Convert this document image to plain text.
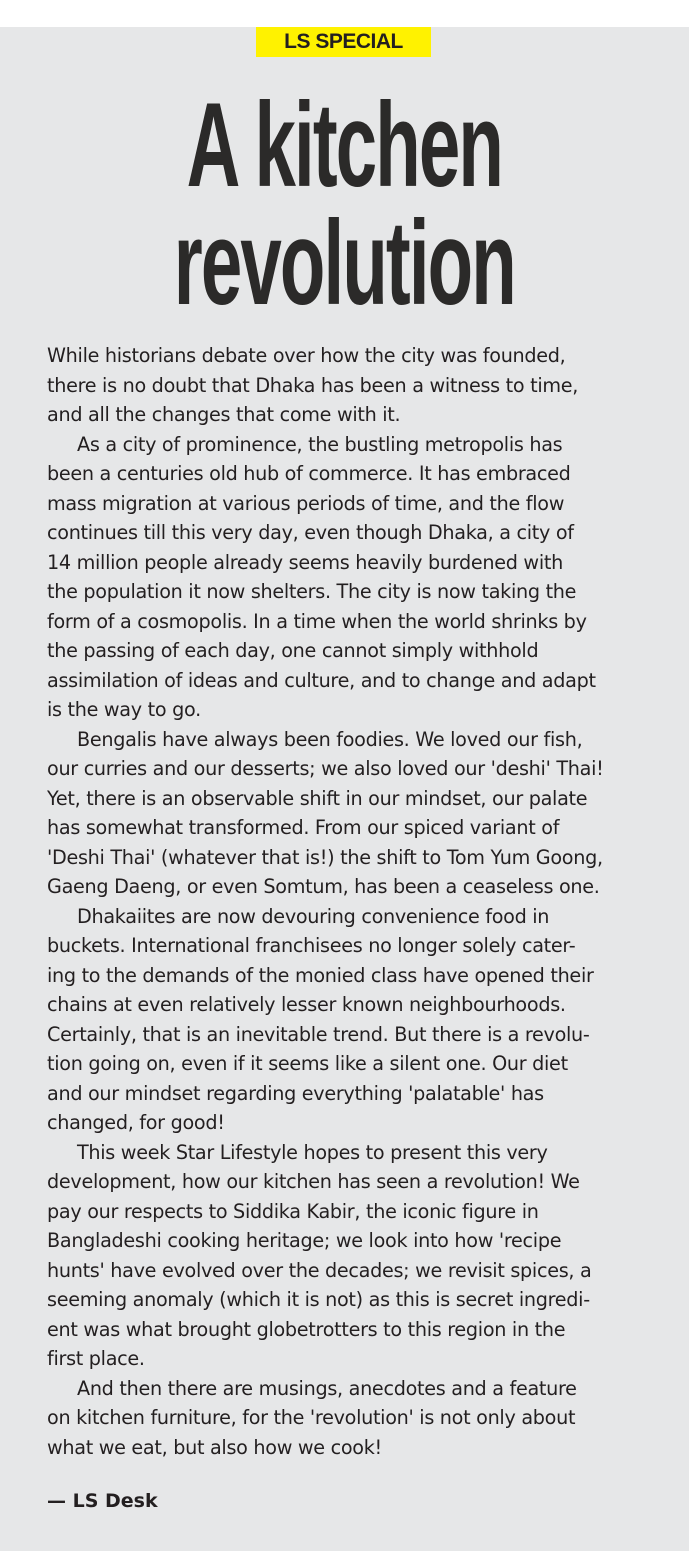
LS SPECIAL
A kitchen
revolution
While historians debate over how the city was founded,
there is no doubt that Dhaka has been a witness to time,
and all the changes that come with it.
As a city of prominence, the bustling metropolis has
been a centuries old hub of commerce. It has embraced
mass migration at various periods of time, and the flow
continues till this very day, even though Dhaka, a city of
14 million people already seems heavily burdened with
the population it now shelters. The city is now taking the
form of a cosmopolis. In a time when the world shrinks by
the passing of each day, one cannot simply withhold
assimilation of ideas and culture, and to change and adapt
is the way to go.
Bengalis have always been foodies. We loved our fish,
our curries and our desserts; we also loved our 'deshi' Thai!
Yet, there is an observable shift in our mindset, our palate
has somewhat transformed. From our spiced variant of
'Deshi Thai' (whatever that is!) the shift to Tom Yum Goong,
Gaeng Daeng, or even Somtum, has been a ceaseless one.
Dhakaiites are now devouring convenience food in
buckets. International franchisees no longer solely cater-
ing to the demands of the monied class have opened their
chains at even relatively lesser known neighbourhoods.
Certainly, that is an inevitable trend. But there is a revolu-
tion going on, even if it seems like a silent one. Our diet
and our mindset regarding everything 'palatable' has
changed, for good!
This week Star Lifestyle hopes to present this very
development, how our kitchen has seen a revolution! We
pay our respects to Siddika Kabir, the iconic figure in
Bangladeshi cooking heritage; we look into how 'recipe
hunts' have evolved over the decades; we revisit spices, a
seeming anomaly (which it is not) as this is secret ingredi-
ent was what brought globetrotters to this region in the
first place.
And then there are musings, anecdotes and a feature
on kitchen furniture, for the 'revolution' is not only about
what we eat, but also how we cook!
— LS Desk
